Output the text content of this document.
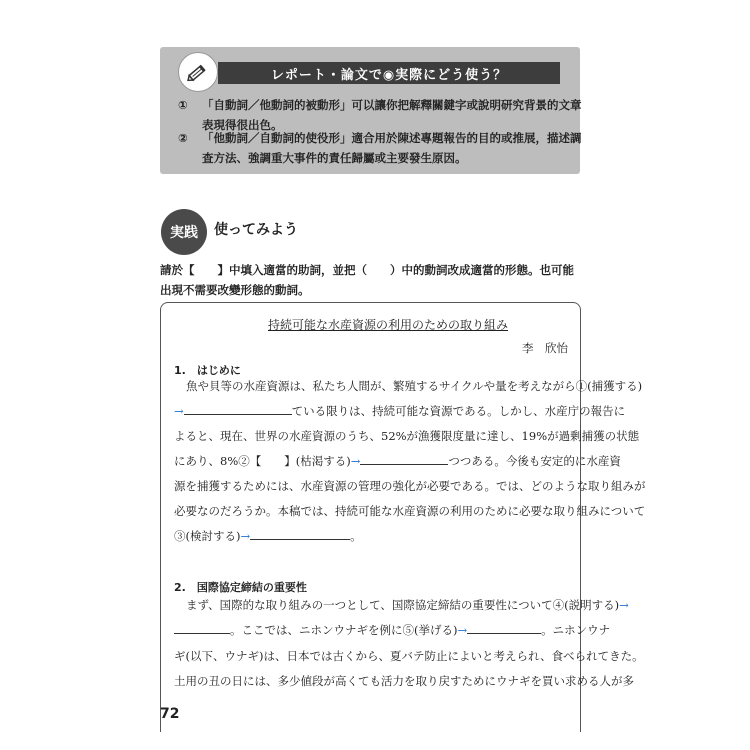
レポート・論文で◉実際にどう使う？
① 「自動詞／他動詞的被動形」可以讓你把解釋關鍵字或說明研究背景的文章表現得很出色。
② 「他動詞／自動詞的使役形」適合用於陳述專題報告的目的或推展，描述調查方法、強調重大事件的責任歸屬或主要發生原因。
実践	使ってみよう
請於【　　】中填入適當的助詞，並把（　　）中的動詞改成適當的形態。也可能出現不需要改變形態的動詞。
持続可能な水産資源の利用のための取り組み
李　欣怡
1.　はじめに
魚や貝等の水産資源は、私たち人間が、繁殖するサイクルや量を考えながら①(捕獲する)
→	ている限りは、持続可能な資源である。しかし、水産庁の報告に
よると、現在、世界の水産資源のうち、52%が漁獲限度量に達し、19%が過剰捕獲の状態
にあり、8%②【　　】(枯渇する)→	つつある。今後も安定的に水産資
源を捕獲するためには、水産資源の管理の強化が必要である。では、どのような取り組みが
必要なのだろうか。本稿では、持続可能な水産資源の利用のために必要な取り組みについて
③(検討する)→	。
2.　国際協定締結の重要性
まず、国際的な取り組みの一つとして、国際協定締結の重要性について④(説明する)→
。ここでは、ニホンウナギを例に⑤(挙げる)→	。ニホンウナ
ギ(以下、ウナギ)は、日本では古くから、夏バテ防止によいと考えられ、食べられてきた。
土用の丑の日には、多少値段が高くても活力を取り戻すためにウナギを買い求める人が多
72
